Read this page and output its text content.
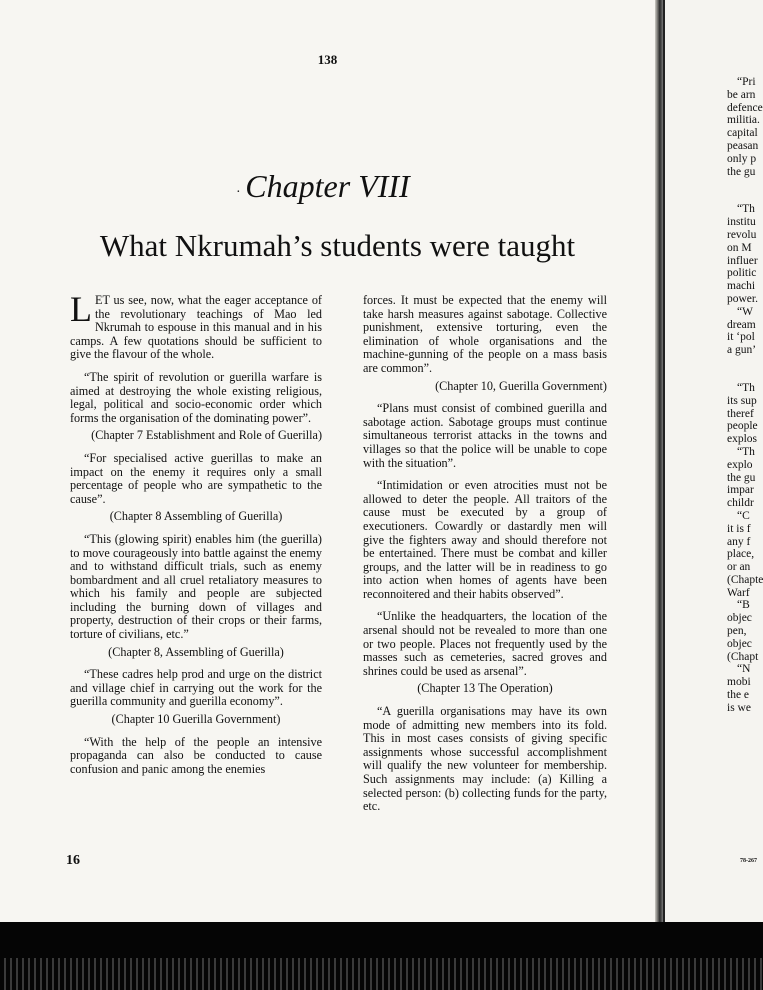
138
· Chapter VIII
What Nkrumah’s students were taught

LET us see, now, what the eager acceptance of the revolutionary teachings of Mao led Nkrumah to espouse in this manual and in his camps. A few quotations should be sufficient to give the flavour of the whole.

“The spirit of revolution or guerilla warfare is aimed at destroying the whole existing religious, legal, political and socio-economic order which forms the organisation of the dominating power”.

(Chapter 7 Establishment and Role of Guerilla)

“For specialised active guerillas to make an impact on the enemy it requires only a small percentage of people who are sympathetic to the cause”.

(Chapter 8 Assembling of Guerilla)

“This (glowing spirit) enables him (the guerilla) to move courageously into battle against the enemy and to withstand difficult trials, such as enemy bombardment and all cruel retaliatory measures to which his family and people are subjected including the burning down of villages and property, destruction of their crops or their farms, torture of civilians, etc.”

(Chapter 8, Assembling of Guerilla)

“These cadres help prod and urge on the district and village chief in carrying out the work for the guerilla community and guerilla economy”.

(Chapter 10 Guerilla Government)

“With the help of the people an intensive propaganda can also be conducted to cause confusion and panic among the enemies

forces. It must be expected that the enemy will take harsh measures against sabotage. Collective punishment, extensive torturing, even the elimination of whole organisations and the machine-gunning of the people on a mass basis are common”.

(Chapter 10, Guerilla Government)

“Plans must consist of combined guerilla and sabotage action. Sabotage groups must continue simultaneous terrorist attacks in the towns and villages so that the police will be unable to cope with the situation”.

“Intimidation or even atrocities must not be allowed to deter the people. All traitors of the cause must be executed by a group of executioners. Cowardly or dastardly men will give the fighters away and should therefore not be entertained. There must be combat and killer groups, and the latter will be in readiness to go into action when homes of agents have been reconnoitered and their habits observed”.

“Unlike the headquarters, the location of the arsenal should not be revealed to more than one or two people. Places not frequently used by the masses such as cemeteries, sacred groves and shrines could be used as arsenal”.

(Chapter 13 The Operation)

“A guerilla organisations may have its own mode of admitting new members into its fold. This in most cases consists of giving specific assignments whose successful accomplishment will qualify the new volunteer for membership. Such assignments may include: (a) Killing a selected person: (b) collecting funds for the party, etc.

16
“Pri
be arn
defence
militia.
capital
peasan
only p
the gu
“Th
institu
revolu
on M
influer
politic
machi
power.
“W
dream
it ‘pol
a gun’
“Th
its sup
theref
people
explos
“Th
explo
the gu
impar
childr
“C
it is f
any f
place,
or an
(Chapte
Warf
“B
objec
pen,
objec
(Chapt
“N
mobi
the e
is we
78-267
